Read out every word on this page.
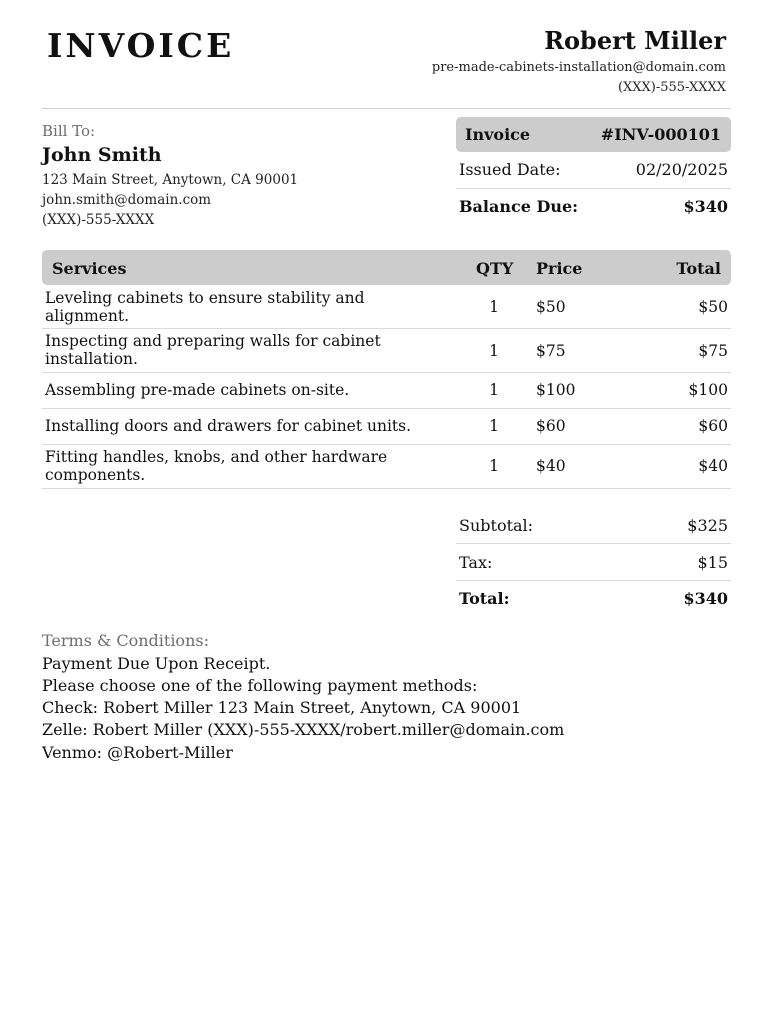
INVOICE	Robert Miller
pre-made-cabinets-installation@domain.com
(XXX)-555-XXXX
Bill To:
John Smith
123 Main Street, Anytown, CA 90001
john.smith@domain.com
(XXX)-555-XXXX
Invoice	#INV-000101
Issued Date:	02/20/2025
Balance Due:	$340
Services	QTY Price	Total
Leveling cabinets to ensure stability and alignment.	1	$50	$50
Inspecting and preparing walls for cabinet installation.	1	$75	$75
Assembling pre-made cabinets on-site.	1	$100	$100
Installing doors and drawers for cabinet units.	1	$60	$60
Fitting handles, knobs, and other hardware components.	1	$40	$40
Subtotal:	$325
Tax:	$15
Total:	$340
Terms & Conditions:
Payment Due Upon Receipt.
Please choose one of the following payment methods:
Check: Robert Miller 123 Main Street, Anytown, CA 90001
Zelle: Robert Miller (XXX)-555-XXXX/robert.miller@domain.com
Venmo: @Robert-Miller
